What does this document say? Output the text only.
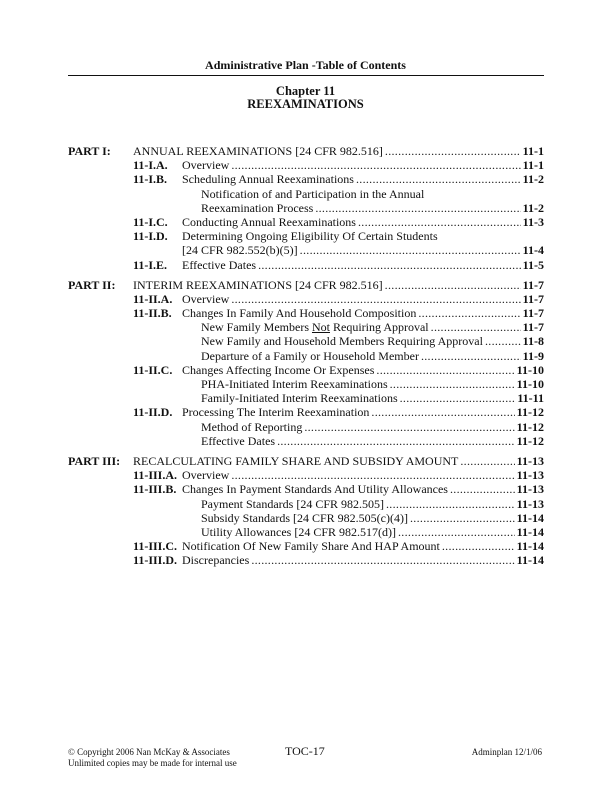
Administrative Plan -Table of Contents
Chapter 11
REEXAMINATIONS
PART I:	ANNUAL REEXAMINATIONS [24 CFR 982.516] .....	11-1
11-I.A.	Overview .....	11-1
11-I.B.	Scheduling Annual Reexaminations .....	11-2
Notification of and Participation in the Annual
Reexamination Process .....	11-2
11-I.C.	Conducting Annual Reexaminations .....	11-3
11-I.D.	Determining Ongoing Eligibility Of Certain Students
[24 CFR 982.552(b)(5)] .....	11-4
11-I.E.	Effective Dates .....	11-5
PART II:	INTERIM REEXAMINATIONS [24 CFR 982.516] .....	11-7
11-II.A. Overview .....	11-7
11-II.B. Changes In Family And Household Composition .....	11-7
New Family Members Not Requiring Approval .....	11-7
New Family and Household Members Requiring Approval .....	11-8
Departure of a Family or Household Member .....	11-9
11-II.C. Changes Affecting Income Or Expenses .....	11-10
PHA-Initiated Interim Reexaminations .....	11-10
Family-Initiated Interim Reexaminations .....	11-11
11-II.D. Processing The Interim Reexamination .....	11-12
Method of Reporting .....	11-12
Effective Dates .....	11-12
PART III:	RECALCULATING FAMILY SHARE AND SUBSIDY AMOUNT .....	11-13
11-III.A. Overview .....	11-13
11-III.B. Changes In Payment Standards And Utility Allowances .....	11-13
Payment Standards [24 CFR 982.505] .....	11-13
Subsidy Standards [24 CFR 982.505(c)(4)] .....	11-14
Utility Allowances [24 CFR 982.517(d)] .....	11-14
11-III.C. Notification Of New Family Share And HAP Amount .....	11-14
11-III.D. Discrepancies .....	11-14
© Copyright 2006 Nan McKay & Associates
Unlimited copies may be made for internal use
TOC-17	Adminplan 12/1/06
